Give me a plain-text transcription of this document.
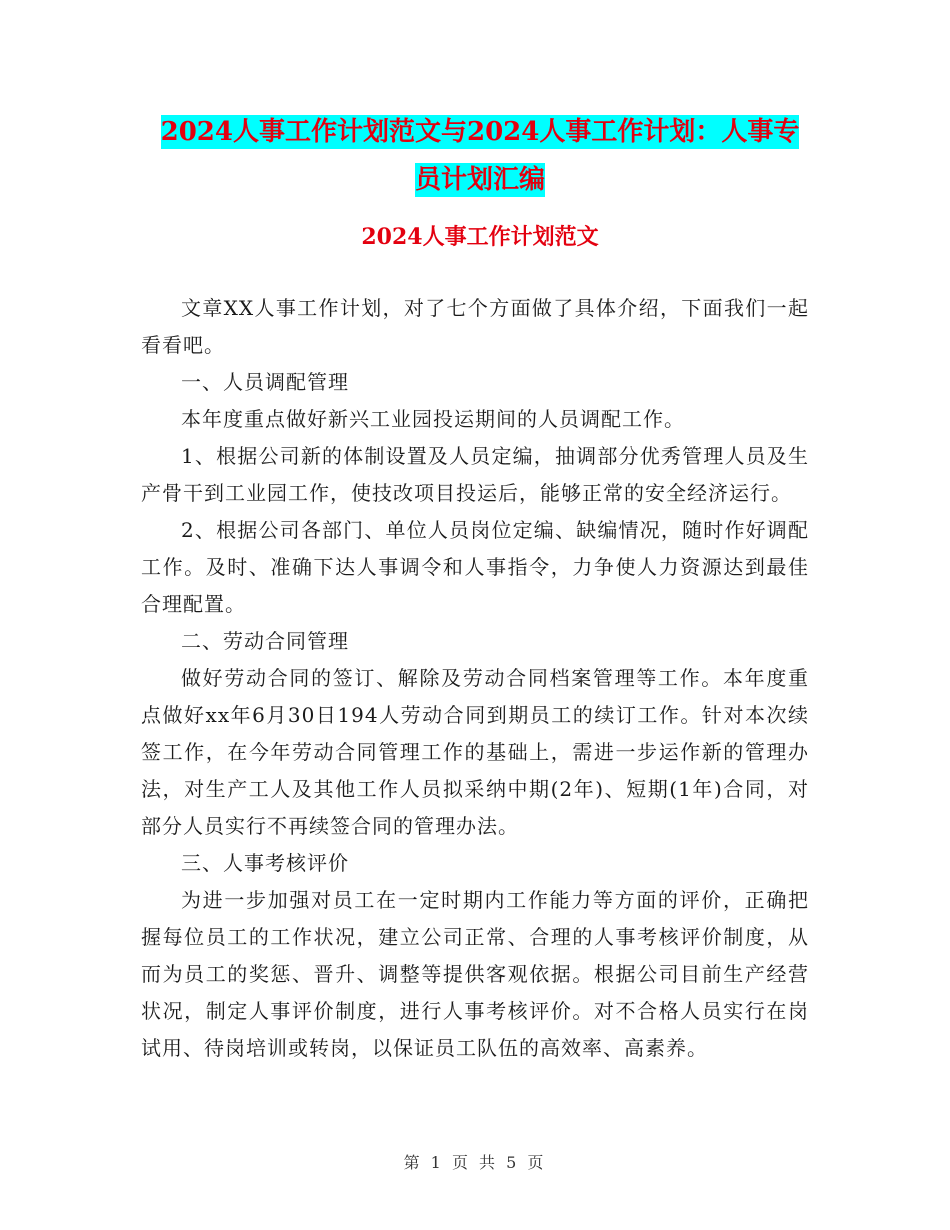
2024人事工作计划范文与2024人事工作计划：人事专
员计划汇编
2024人事工作计划范文

文章XX人事工作计划，对了七个方面做了具体介绍，下面我们一起看看吧。

一、人员调配管理

本年度重点做好新兴工业园投运期间的人员调配工作。

1、根据公司新的体制设置及人员定编，抽调部分优秀管理人员及生产骨干到工业园工作，使技改项目投运后，能够正常的安全经济运行。

2、根据公司各部门、单位人员岗位定编、缺编情况，随时作好调配工作。及时、准确下达人事调令和人事指令，力争使人力资源达到最佳合理配置。

二、劳动合同管理

做好劳动合同的签订、解除及劳动合同档案管理等工作。本年度重点做好xx年6月30日194人劳动合同到期员工的续订工作。针对本次续签工作，在今年劳动合同管理工作的基础上，需进一步运作新的管理办法，对生产工人及其他工作人员拟采纳中期(2年)、短期(1年)合同，对部分人员实行不再续签合同的管理办法。

三、人事考核评价

为进一步加强对员工在一定时期内工作能力等方面的评价，正确把握每位员工的工作状况，建立公司正常、合理的人事考核评价制度，从而为员工的奖惩、晋升、调整等提供客观依据。根据公司目前生产经营状况，制定人事评价制度，进行人事考核评价。对不合格人员实行在岗试用、待岗培训或转岗，以保证员工队伍的高效率、高素养。

第 1 页 共 5 页
